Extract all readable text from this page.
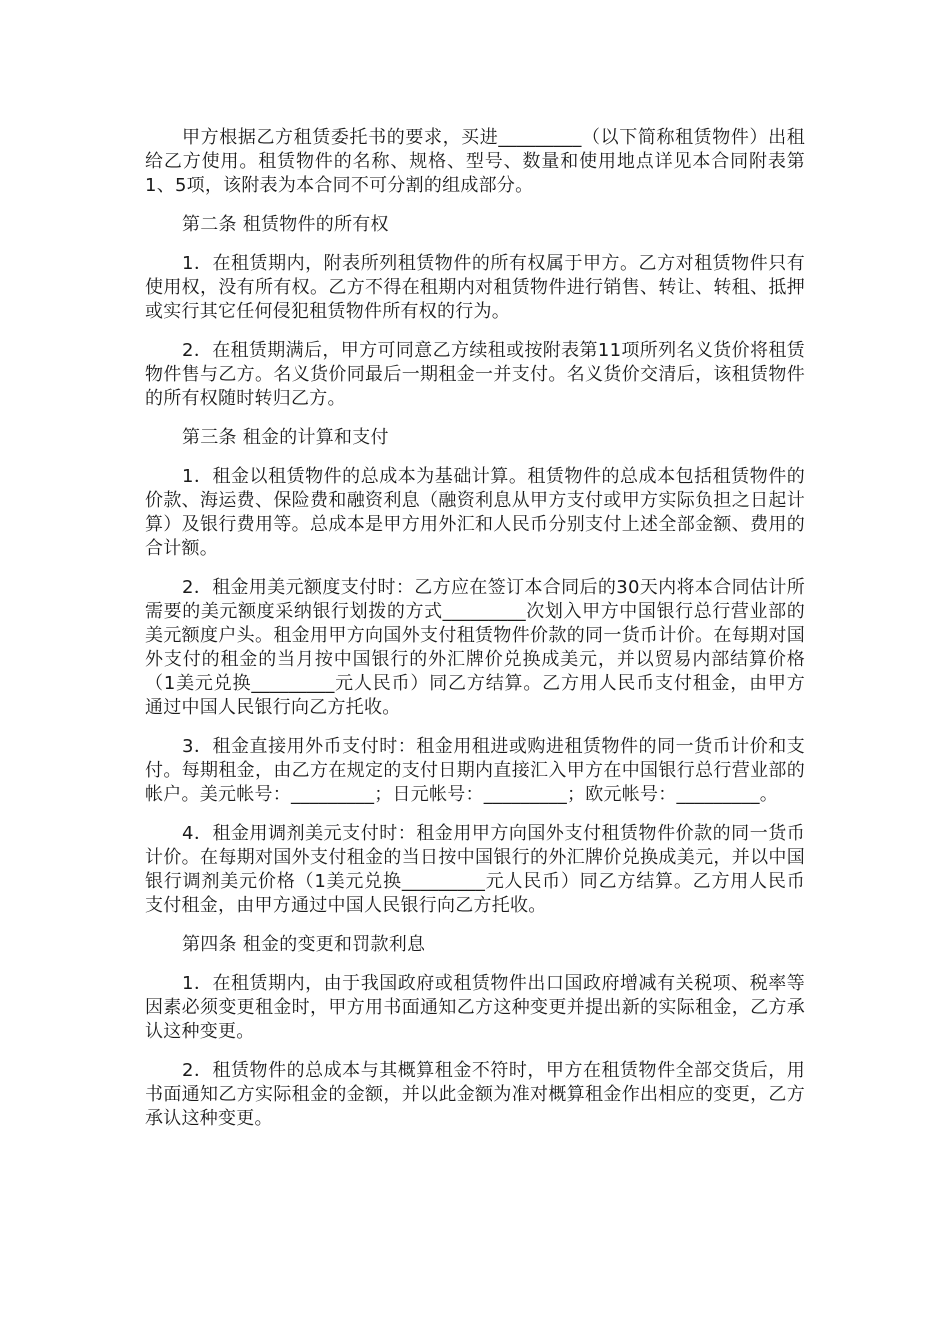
甲方根据乙方租赁委托书的要求，买进_________（以下简称租赁物件）出租给乙方使用。租赁物件的名称、规格、型号、数量和使用地点详见本合同附表第1、5项，该附表为本合同不可分割的组成部分。

第二条 租赁物件的所有权

1．在租赁期内，附表所列租赁物件的所有权属于甲方。乙方对租赁物件只有使用权，没有所有权。乙方不得在租期内对租赁物件进行销售、转让、转租、抵押或实行其它任何侵犯租赁物件所有权的行为。

2．在租赁期满后，甲方可同意乙方续租或按附表第11项所列名义货价将租赁物件售与乙方。名义货价同最后一期租金一并支付。名义货价交清后，该租赁物件的所有权随时转归乙方。

第三条 租金的计算和支付

1．租金以租赁物件的总成本为基础计算。租赁物件的总成本包括租赁物件的价款、海运费、保险费和融资利息（融资利息从甲方支付或甲方实际负担之日起计算）及银行费用等。总成本是甲方用外汇和人民币分别支付上述全部金额、费用的合计额。

2．租金用美元额度支付时：乙方应在签订本合同后的30天内将本合同估计所需要的美元额度采纳银行划拨的方式_________次划入甲方中国银行总行营业部的美元额度户头。租金用甲方向国外支付租赁物件价款的同一货币计价。在每期对国外支付的租金的当月按中国银行的外汇牌价兑换成美元，并以贸易内部结算价格（1美元兑换_________元人民币）同乙方结算。乙方用人民币支付租金，由甲方通过中国人民银行向乙方托收。

3．租金直接用外币支付时：租金用租进或购进租赁物件的同一货币计价和支付。每期租金，由乙方在规定的支付日期内直接汇入甲方在中国银行总行营业部的帐户。美元帐号：_________；日元帐号：_________；欧元帐号：_________。

4．租金用调剂美元支付时：租金用甲方向国外支付租赁物件价款的同一货币计价。在每期对国外支付租金的当日按中国银行的外汇牌价兑换成美元，并以中国银行调剂美元价格（1美元兑换_________元人民币）同乙方结算。乙方用人民币支付租金，由甲方通过中国人民银行向乙方托收。

第四条 租金的变更和罚款利息

1．在租赁期内，由于我国政府或租赁物件出口国政府增减有关税项、税率等因素必须变更租金时，甲方用书面通知乙方这种变更并提出新的实际租金，乙方承认这种变更。

2．租赁物件的总成本与其概算租金不符时，甲方在租赁物件全部交货后，用书面通知乙方实际租金的金额，并以此金额为准对概算租金作出相应的变更，乙方承认这种变更。
